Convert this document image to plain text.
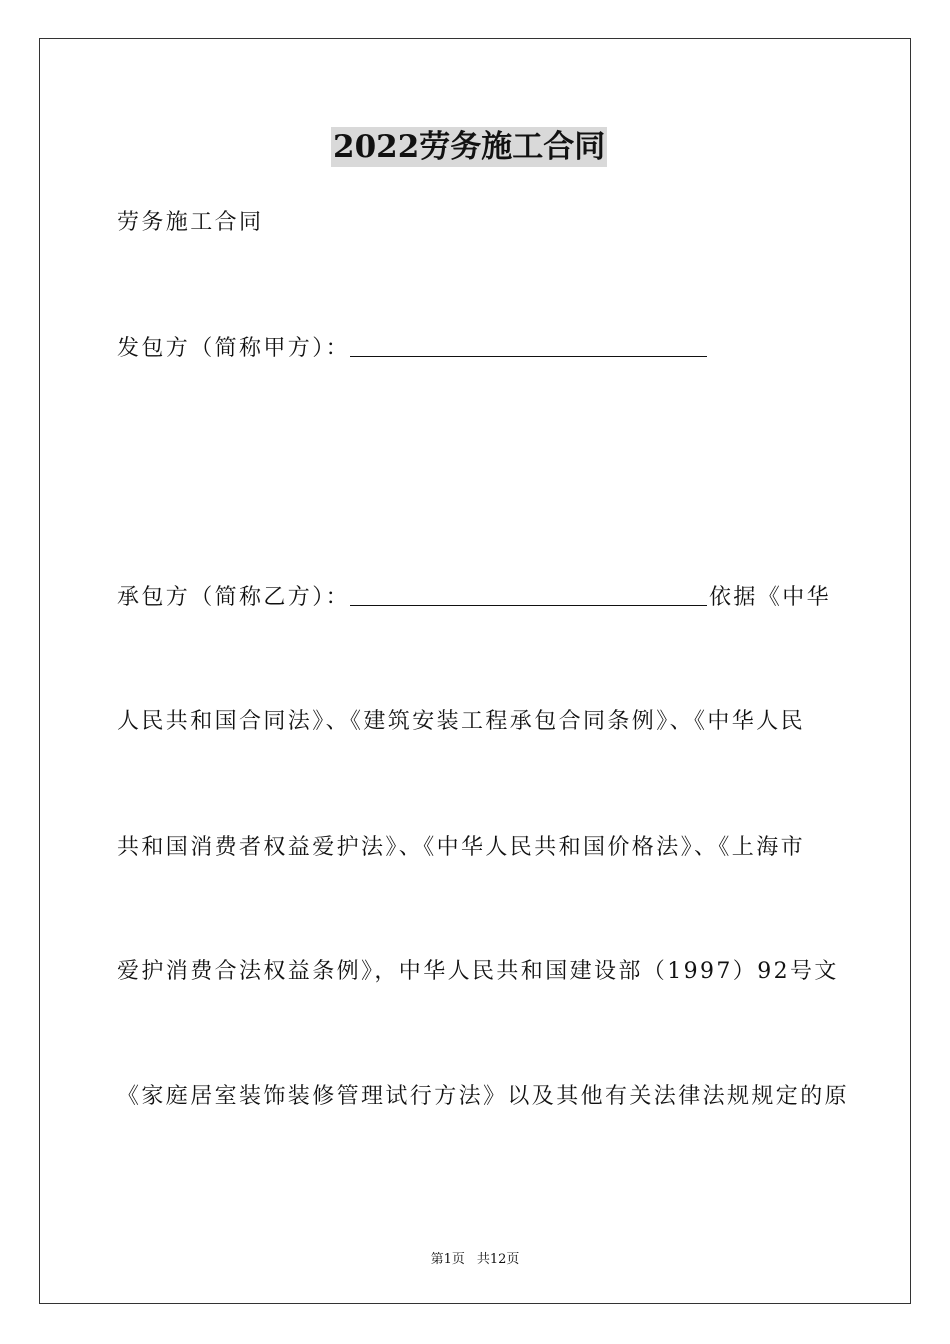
2022劳务施工合同
劳务施工合同
发包方（简称甲方）：
承包方（简称乙方）：	依据《中华
人民共和国合同法》、《建筑安装工程承包合同条例》、《中华人民
共和国消费者权益爱护法》、《中华人民共和国价格法》、《上海市
爱护消费合法权益条例》，中华人民共和国建设部（1997）92号文
《家庭居室装饰装修管理试行方法》以及其他有关法律法规规定的原
第1页 共12页
